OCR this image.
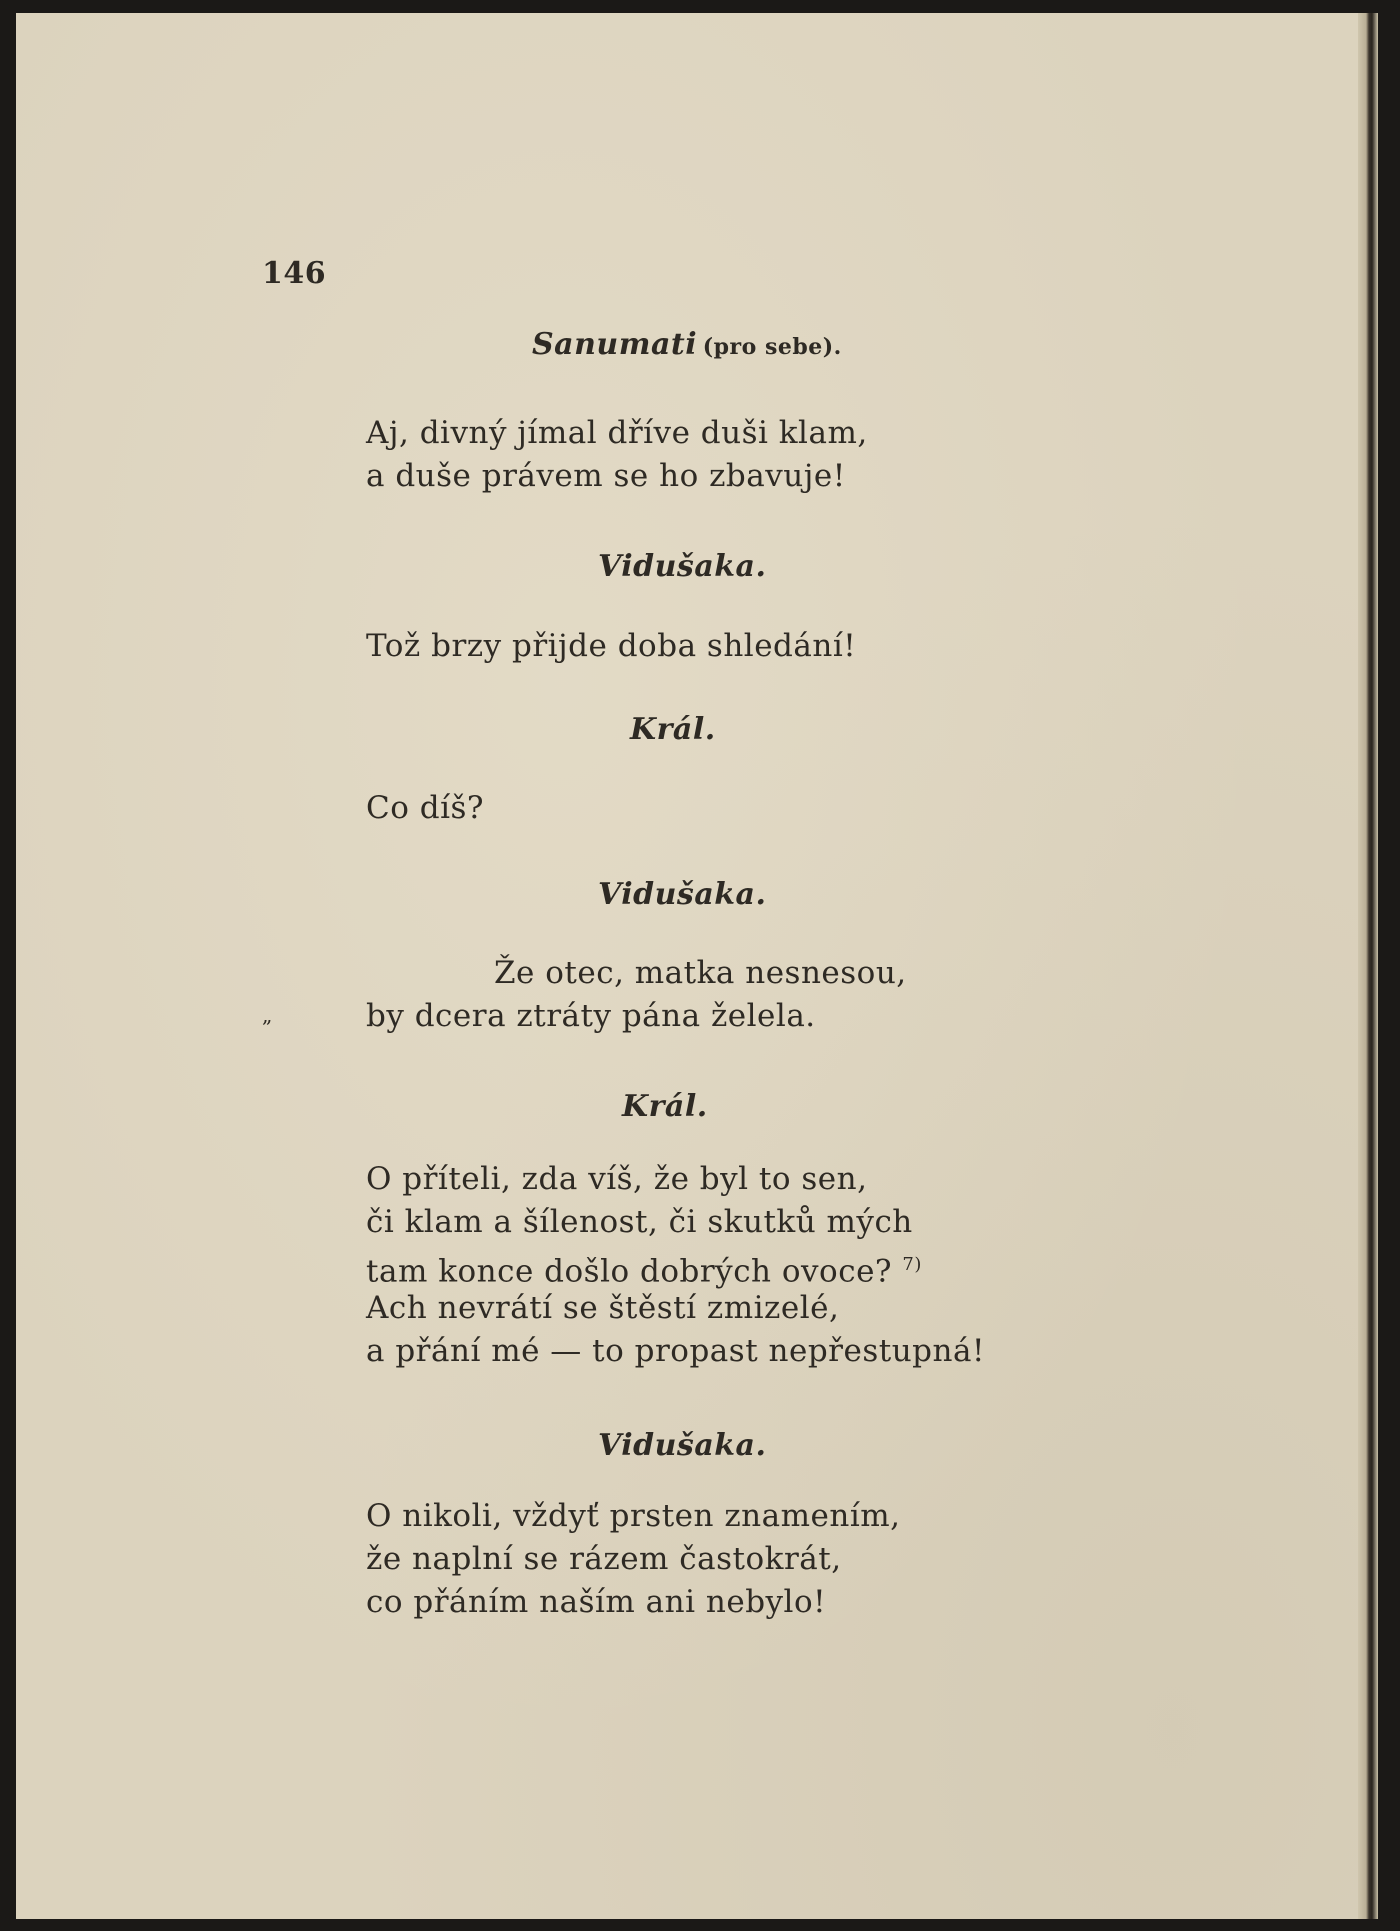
146
Sanumati (pro sebe).
Aj, divný jímal dříve duši klam,
a duše právem se ho zbavuje!
Vidušaka.
Tož brzy přijde doba shledání!
Král.
Co díš?
Vidušaka.
Že otec, matka nesnesou,
by dcera ztráty pána želela.
„
Král.
O příteli, zda víš, že byl to sen,
či klam a šílenost, či skutků mých
tam konce došlo dobrých ovoce? $^{7)}$
Ach nevrátí se štěstí zmizelé,
a přání mé — to propast nepřestupná!
Vidušaka.
O nikoli, vždyť prsten znamením,
že naplní se rázem častokrát,
co přáním naším ani nebylo!
